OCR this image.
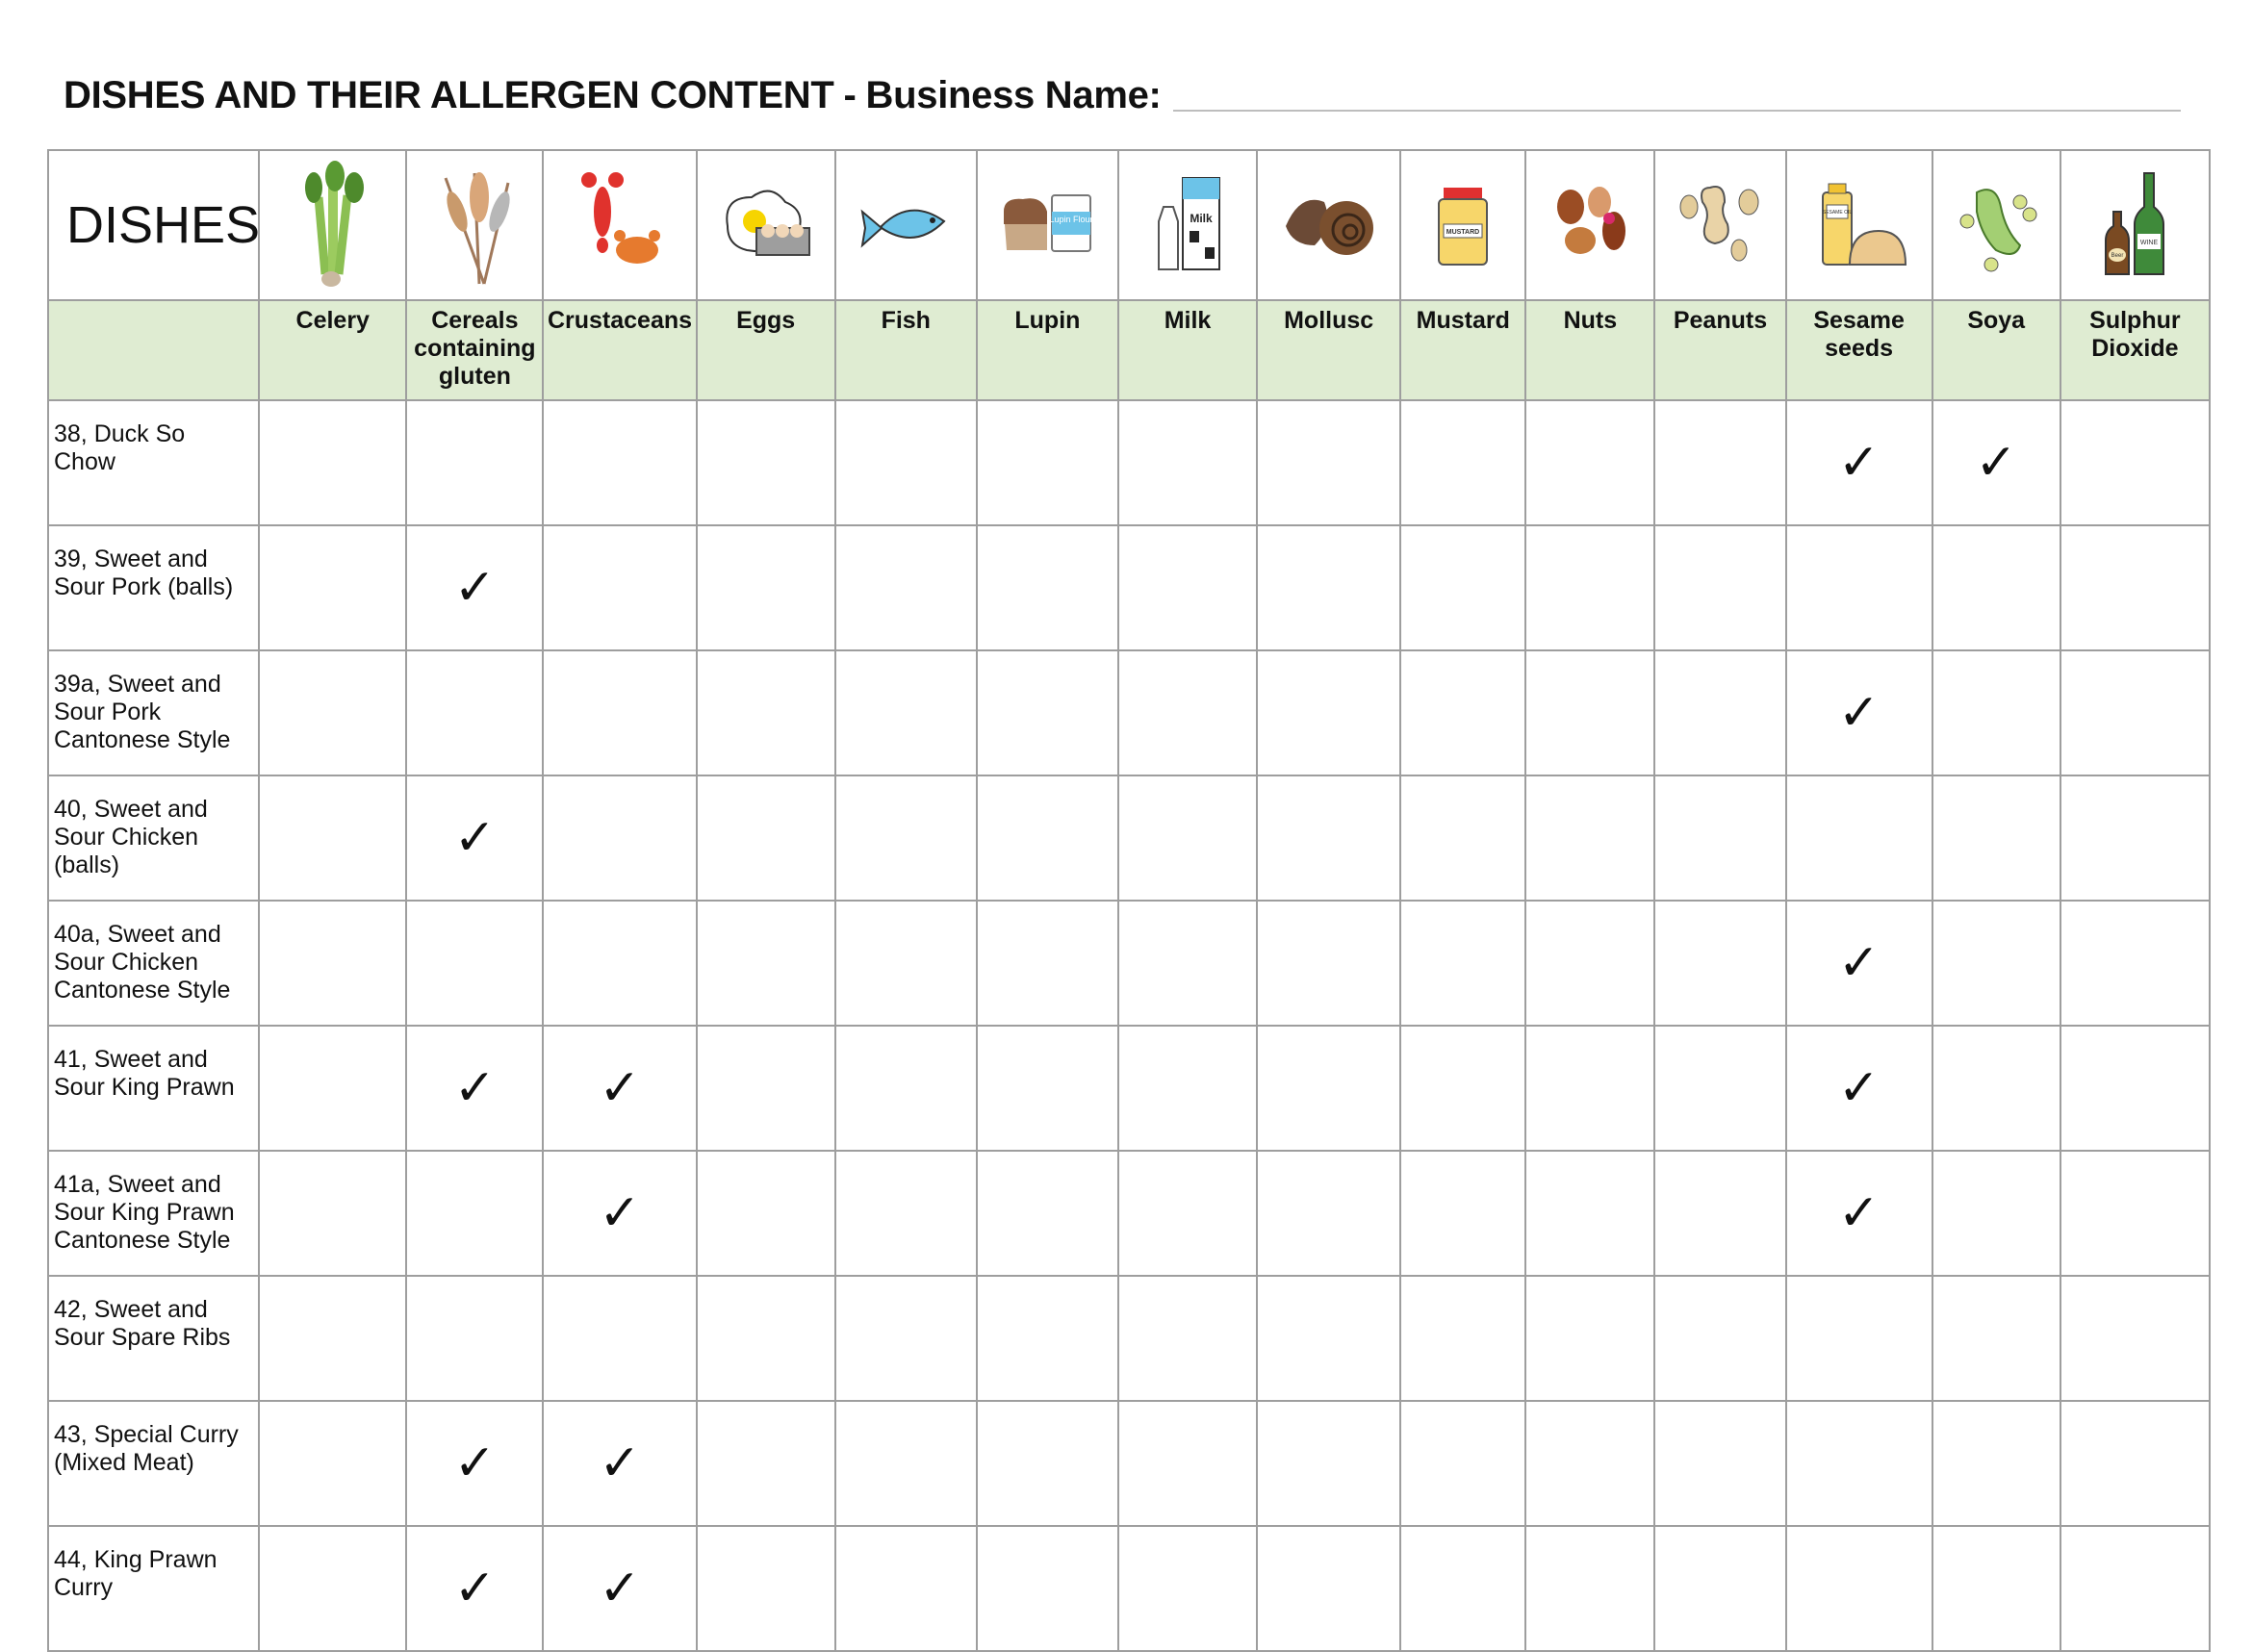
DISHES AND THEIR ALLERGEN CONTENT - Business Name:
DISHES						Lupin Flour	Milk		MUSTARD			SESAME OIL		WINE
Beer

	Celery	Cereals containing gluten	Crustaceans	Eggs	Fish	Lupin	Milk	Mollusc	Mustard	Nuts	Peanuts	Sesame seeds	Soya	Sulphur Dioxide
38, Duck So Chow												✓	✓	
39, Sweet and Sour Pork (balls)		✓												
39a, Sweet and Sour Pork Cantonese Style												✓		
40, Sweet and Sour Chicken (balls)		✓												
40a, Sweet and Sour Chicken Cantonese Style												✓		
41, Sweet and Sour King Prawn		✓	✓									✓		
41a, Sweet and Sour King Prawn Cantonese Style			✓									✓		
42, Sweet and Sour Spare Ribs														
43, Special Curry (Mixed Meat)		✓	✓											
44, King Prawn Curry		✓	✓											
